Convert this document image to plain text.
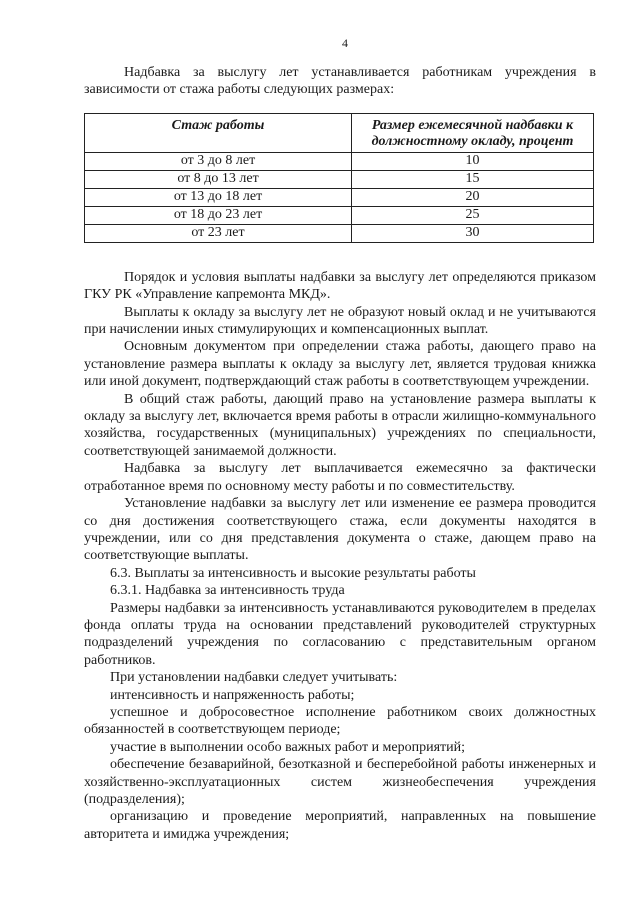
4

Надбавка за выслугу лет устанавливается работникам учреждения в зависимости от стажа работы следующих размерах:

Стаж работы	Размер ежемесячной надбавки к должностному окладу, процент
от 3 до 8 лет	10
от 8 до 13 лет	15
от 13 до 18 лет	20
от 18 до 23 лет	25
от 23 лет	30

Порядок и условия выплаты надбавки за выслугу лет определяются приказом ГКУ РК «Управление капремонта МКД».

Выплаты к окладу за выслугу лет не образуют новый оклад и не учитываются при начислении иных стимулирующих и компенсационных выплат.

Основным документом при определении стажа работы, дающего право на установление размера выплаты к окладу за выслугу лет, является трудовая книжка или иной документ, подтверждающий стаж работы в соответствующем учреждении.

В общий стаж работы, дающий право на установление размера выплаты к окладу за выслугу лет, включается время работы в отрасли жилищно-коммунального хозяйства, государственных (муниципальных) учреждениях по специальности, соответствующей занимаемой должности.

Надбавка за выслугу лет выплачивается ежемесячно за фактически отработанное время по основному месту работы и по совместительству.

Установление надбавки за выслугу лет или изменение ее размера проводится со дня достижения соответствующего стажа, если документы находятся в учреждении, или со дня представления документа о стаже, дающем право на соответствующие выплаты.

6.3. Выплаты за интенсивность и высокие результаты работы

6.3.1. Надбавка за интенсивность труда

Размеры надбавки за интенсивность устанавливаются руководителем в пределах фонда оплаты труда на основании представлений руководителей структурных подразделений учреждения по согласованию с представительным органом работников.

При установлении надбавки следует учитывать:

интенсивность и напряженность работы;

успешное и добросовестное исполнение работником своих должностных обязанностей в соответствующем периоде;

участие в выполнении особо важных работ и мероприятий;

обеспечение безаварийной, безотказной и бесперебойной работы инженерных и хозяйственно-эксплуатационных систем жизнеобеспечения учреждения (подразделения);

организацию и проведение мероприятий, направленных на повышение авторитета и имиджа учреждения;
